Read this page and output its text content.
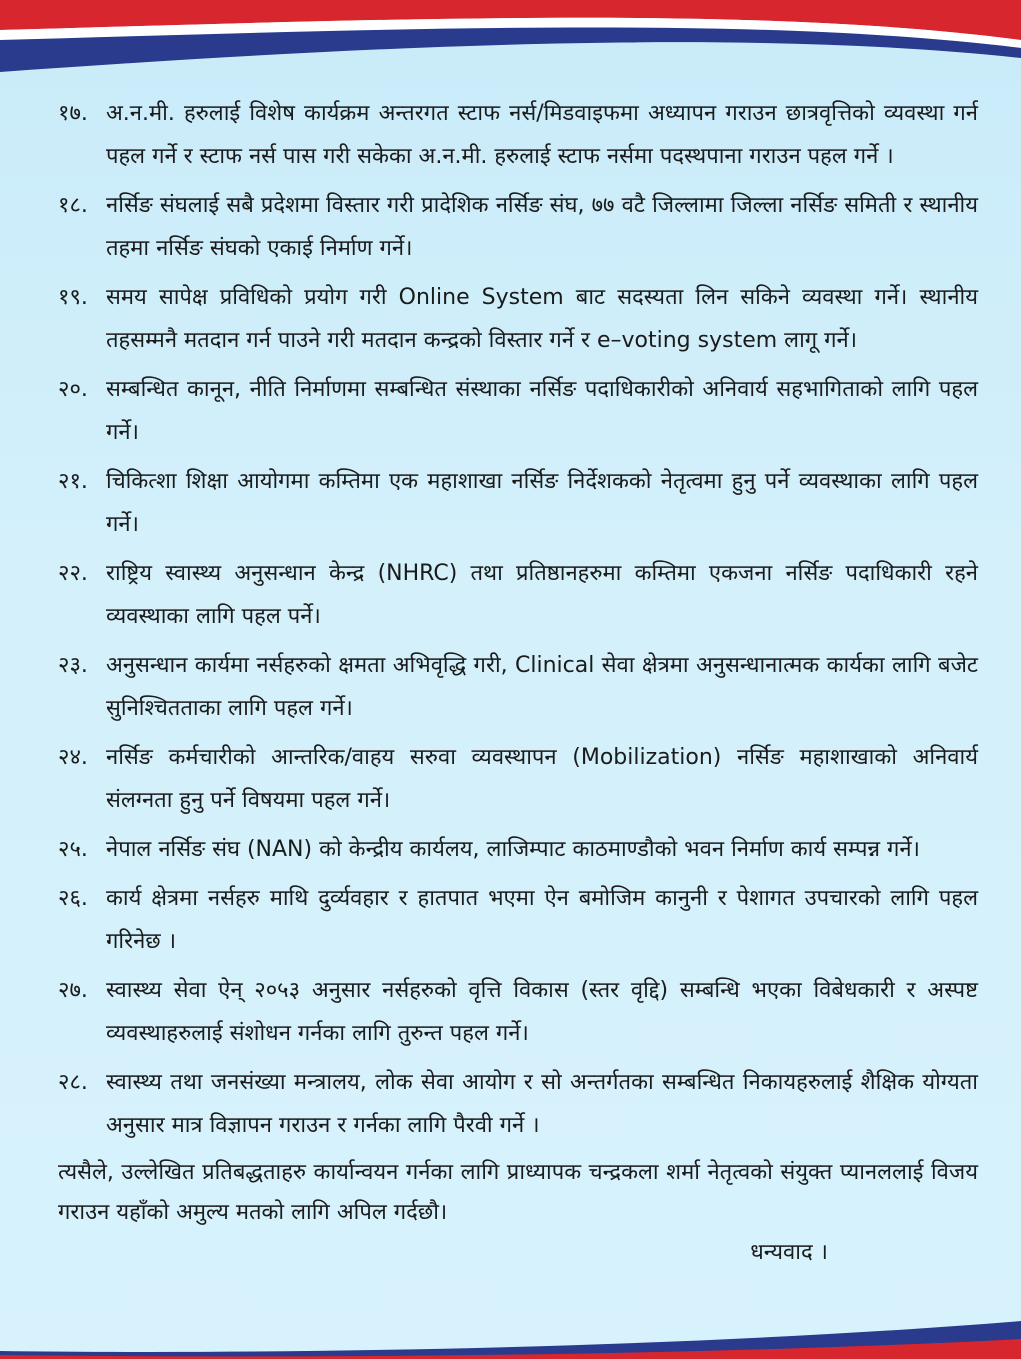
१७. अ.न.मी. हरुलाई विशेष कार्यक्रम अन्तरगत स्टाफ नर्स/मिडवाइफमा अध्यापन गराउन छात्रवृत्तिको व्यवस्था गर्न पहल गर्ने र स्टाफ नर्स पास गरी सकेका अ.न.मी. हरुलाई स्टाफ नर्समा पदस्थपाना गराउन पहल गर्ने ।
१८. नर्सिङ संघलाई सबै प्रदेशमा विस्तार गरी प्रादेशिक नर्सिङ संघ, ७७ वटै जिल्लामा जिल्ला नर्सिङ समिती र स्थानीय तहमा नर्सिङ संघको एकाई निर्माण गर्ने।
१९. समय सापेक्ष प्रविधिको प्रयोग गरी Online System बाट सदस्यता लिन सकिने व्यवस्था गर्ने। स्थानीय तहसम्मनै मतदान गर्न पाउने गरी मतदान कन्द्रको विस्तार गर्ने र e–voting system लागू गर्ने।
२०. सम्बन्धित कानून, नीति निर्माणमा सम्बन्धित संस्थाका नर्सिङ पदाधिकारीको अनिवार्य सहभागिताको लागि पहल गर्ने।
२१. चिकित्शा शिक्षा आयोगमा कम्तिमा एक महाशाखा नर्सिङ निर्देशकको नेतृत्वमा हुनु पर्ने व्यवस्थाका लागि पहल गर्ने।
२२. राष्ट्रिय स्वास्थ्य अनुसन्धान केन्द्र (NHRC) तथा प्रतिष्ठानहरुमा कम्तिमा एकजना नर्सिङ पदाधिकारी रहने व्यवस्थाका लागि पहल पर्ने।
२३. अनुसन्धान कार्यमा नर्सहरुको क्षमता अभिवृद्धि गरी, Clinical सेवा क्षेत्रमा अनुसन्धानात्मक कार्यका लागि बजेट सुनिश्चितताका लागि पहल गर्ने।
२४. नर्सिङ कर्मचारीको आन्तरिक/वाहय सरुवा व्यवस्थापन (Mobilization) नर्सिङ महाशाखाको अनिवार्य संलग्नता हुनु पर्ने विषयमा पहल गर्ने।
२५. नेपाल नर्सिङ संघ (NAN) को केन्द्रीय कार्यलय, लाजिम्पाट काठमाण्डौको भवन निर्माण कार्य सम्पन्न गर्ने।
२६. कार्य क्षेत्रमा नर्सहरु माथि दुर्व्यवहार र हातपात भएमा ऐन बमोजिम कानुनी र पेशागत उपचारको लागि पहल गरिनेछ ।
२७. स्वास्थ्य सेवा ऐन् २०५३ अनुसार नर्सहरुको वृत्ति विकास (स्तर वृद्दि) सम्बन्धि भएका विबेधकारी र अस्पष्ट व्यवस्थाहरुलाई संशोधन गर्नका लागि तुरुन्त पहल गर्ने।
२८. स्वास्थ्य तथा जनसंख्या मन्त्रालय, लोक सेवा आयोग र सो अन्तर्गतका सम्बन्धित निकायहरुलाई शैक्षिक योग्यता अनुसार मात्र विज्ञापन गराउन र गर्नका लागि पैरवी गर्ने ।
त्यसैले, उल्लेखित प्रतिबद्धताहरु कार्यान्वयन गर्नका लागि प्राध्यापक चन्द्रकला शर्मा नेतृत्वको संयुक्त प्यानललाई विजय गराउन यहाँको अमुल्य मतको लागि अपिल गर्दछौ।
धन्यवाद ।
